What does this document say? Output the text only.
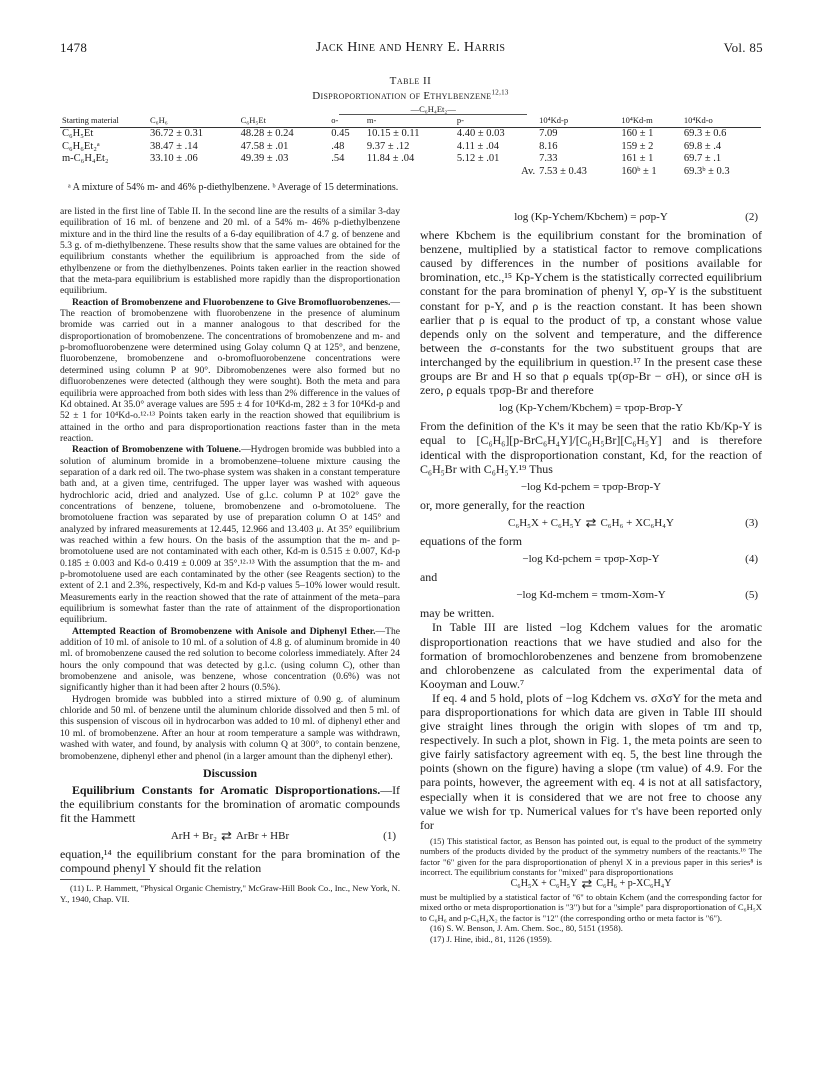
1478	Jack Hine and Henry E. Harris	Vol. 85
Table II
Disproportionation of Ethylbenzene$^{12,13}$

			—C₆H₄Et₂—					

Starting material	C₆H₆	C₆H₅Et	o-	m-	p-	10⁴Kd-p	10⁴Kd-m	10⁴Kd-o
C₆H₅Et	36.72 ± 0.31	48.28 ± 0.24	0.45	10.15 ± 0.11	4.40 ± 0.03	7.09	160 ± 1	69.3 ± 0.6
C₆H₆Et₂ᵃ	38.47 ± .14	47.58 ± .01	.48	9.37 ± .12	4.11 ± .04	8.16	159 ± 2	69.8 ± .4
m-C₆H₄Et₂	33.10 ± .06	49.39 ± .03	.54	11.84 ± .04	5.12 ± .01	7.33	161 ± 1	69.7 ± .1
					Av.	7.53 ± 0.43	160ᵇ ± 1	69.3ᵇ ± 0.3
ᵃ A mixture of 54% m- and 46% p-diethylbenzene. ᵇ Average of 15 determinations.

are listed in the first line of Table II. In the second line are the results of a similar 3-day equilibration of 16 ml. of benzene and 20 ml. of a 54% m- 46% p-diethylbenzene mixture and in the third line the results of a 6-day equilibration of 4.7 g. of benzene and 5.3 g. of m-diethylbenzene. These results show that the same values are obtained for the equilibrium constants whether the equilibrium is approached from the side of ethylbenzene or from the diethylbenzenes. Points taken earlier in the reaction showed that the meta-para equilibrium is established more rapidly than the disproportionation equilibrium.

Reaction of Bromobenzene and Fluorobenzene to Give Bromofluorobenzenes.—The reaction of bromobenzene with fluorobenzene in the presence of aluminum bromide was carried out in a manner analogous to that described for the disproportionation of bromobenzene. The concentrations of bromobenzene and m- and p-bromofluorobenzene were determined using Golay column Q at 125°, and benzene, fluorobenzene, bromobenzene and o-bromofluorobenzene concentrations were determined using column P at 90°. Dibromobenzenes were also formed but no difluorobenzenes were detected (although they were sought). Both the meta and para equilibria were approached from both sides with less than 2% difference in the values of Kd obtained. At 35.0° average values are 595 ± 4 for 10⁴Kd-m, 282 ± 3 for 10⁴Kd-p and 52 ± 1 for 10⁴Kd-o.¹²·¹³ Points taken early in the reaction showed that equilibrium is attained in the ortho and para disproportionation reactions faster than in the meta reaction.

Reaction of Bromobenzene with Toluene.—Hydrogen bromide was bubbled into a solution of aluminum bromide in a bromobenzene–toluene mixture causing the separation of a dark red oil. The two-phase system was shaken in a constant temperature bath and, at a given time, centrifuged. The upper layer was washed with aqueous hydrochloric acid, dried and analyzed. Use of g.l.c. column P at 102° gave the concentrations of benzene, toluene, bromobenzene and o-bromotoluene. The bromotoluene fraction was separated by use of preparation column O at 145° and analyzed by infrared measurements at 12.445, 12.966 and 13.403 μ. At 35° equilibrium was reached within a few hours. On the basis of the assumption that the m- and p-bromotoluene used are not contaminated with each other, Kd-m is 0.515 ± 0.007, Kd-p 0.185 ± 0.003 and Kd-o 0.419 ± 0.009 at 35°.¹²·¹³ With the assumption that the m- and p-bromotoluene used are each contaminated by the other (see Reagents section) to the extent of 2.1 and 2.3%, respectively, Kd-m and Kd-p values 5–10% lower would result. Measurements early in the reaction showed that the rate of attainment of the meta–para equilibrium is somewhat faster than the rate of attainment of the disproportionation equilibrium.

Attempted Reaction of Bromobenzene with Anisole and Diphenyl Ether.—The addition of 10 ml. of anisole to 10 ml. of a solution of 4.8 g. of aluminum bromide in 40 ml. of bromobenzene caused the red solution to become colorless immediately. After 24 hours the only compound that was detected by g.l.c. (using column C), other than bromobenzene and anisole, was benzene, whose concentration (0.6%) was not significantly higher than it had been after 2 hours (0.5%).

Hydrogen bromide was bubbled into a stirred mixture of 0.90 g. of aluminum chloride and 50 ml. of benzene until the aluminum chloride dissolved and then 5 ml. of this suspension of viscous oil in hydrocarbon was added to 10 ml. of diphenyl ether and 10 ml. of bromobenzene. After an hour at room temperature a sample was withdrawn, washed with water, and found, by analysis with column Q at 300°, to contain benzene, bromobenzene, diphenyl ether and phenol (in a larger amount than the diphenyl ether).

Discussion

Equilibrium Constants for Aromatic Disproportionations.—If the equilibrium constants for the bromination of aromatic compounds fit the Hammett

ArH + Br₂ ⇄ ArBr + HBr	(1)

equation,¹⁴ the equilibrium constant for the para bromination of the compound phenyl Y should fit the relation

(11) L. P. Hammett, "Physical Organic Chemistry," McGraw-Hill Book Co., Inc., New York, N. Y., 1940, Chap. VII.

log (Kp-Ychem/Kbchem) = ρσp-Y	(2)

where Kbchem is the equilibrium constant for the bromination of benzene, multiplied by a statistical factor to remove complications caused by differences in the number of positions available for bromination, etc.,¹⁵ Kp-Ychem is the statistically corrected equilibrium constant for the para bromination of phenyl Y, σp-Y is the substituent constant for p-Y, and ρ is the reaction constant. It has been shown earlier that ρ is equal to the product of τp, a constant whose value depends only on the solvent and temperature, and the difference between the σ-constants for the two substituent groups that are interchanged by the equilibrium in question.¹⁷ In the present case these groups are Br and H so that ρ equals τp(σp-Br − σH), or since σH is zero, ρ equals τpσp-Br and therefore

log (Kp-Ychem/Kbchem) = τpσp-Brσp-Y

From the definition of the K's it may be seen that the ratio Kb/Kp-Y is equal to [C₆H₆][p-BrC₆H₄Y]/[C₆H₅Br][C₆H₅Y] and is therefore identical with the disproportionation constant, Kd, for the reaction of C₆H₅Br with C₆H₅Y.¹⁹ Thus

−log Kd-pchem = τpσp-Brσp-Y

or, more generally, for the reaction

C₆H₅X + C₆H₅Y ⇄ C₆H₆ + XC₆H₄Y	(3)

equations of the form

−log Kd-pchem = τpσp-Xσp-Y	(4)

and

−log Kd-mchem = τmσm-Xσm-Y	(5)

may be written.

In Table III are listed −log Kdchem values for the aromatic disproportionation reactions that we have studied and also for the formation of bromochlorobenzenes and benzene from bromobenzene and chlorobenzene as calculated from the experimental data of Kooyman and Louw.⁷

If eq. 4 and 5 hold, plots of −log Kdchem vs. σXσY for the meta and para disproportionations for which data are given in Table III should give straight lines through the origin with slopes of τm and τp, respectively. In such a plot, shown in Fig. 1, the meta points are seen to give fairly satisfactory agreement with eq. 5, the best line through the points (shown on the figure) having a slope (τm value) of 4.9. For the para points, however, the agreement with eq. 4 is not at all satisfactory, especially when it is considered that we are not free to choose any value we wish for τp. Numerical values for τ's have been reported only for

(15) This statistical factor, as Benson has pointed out, is equal to the product of the symmetry numbers of the products divided by the product of the symmetry numbers of the reactants.¹⁶ The factor "6" given for the para disproportionation of phenyl X in a previous paper in this series⁸ is incorrect. The equilibrium constants for "mixed" para disproportionations

C₆H₅X + C₆H₅Y ⇄ C₆H₆ + p-XC₆H₄Y

must be multiplied by a statistical factor of "6" to obtain Kchem (and the corresponding factor for mixed ortho or meta disproportionation is "3") but for a "simple" para disproportionation of C₆H₅X to C₆H₆ and p-C₆H₄X₂ the factor is "12" (the corresponding ortho or meta factor is "6").

(16) S. W. Benson, J. Am. Chem. Soc., 80, 5151 (1958).

(17) J. Hine, ibid., 81, 1126 (1959).
